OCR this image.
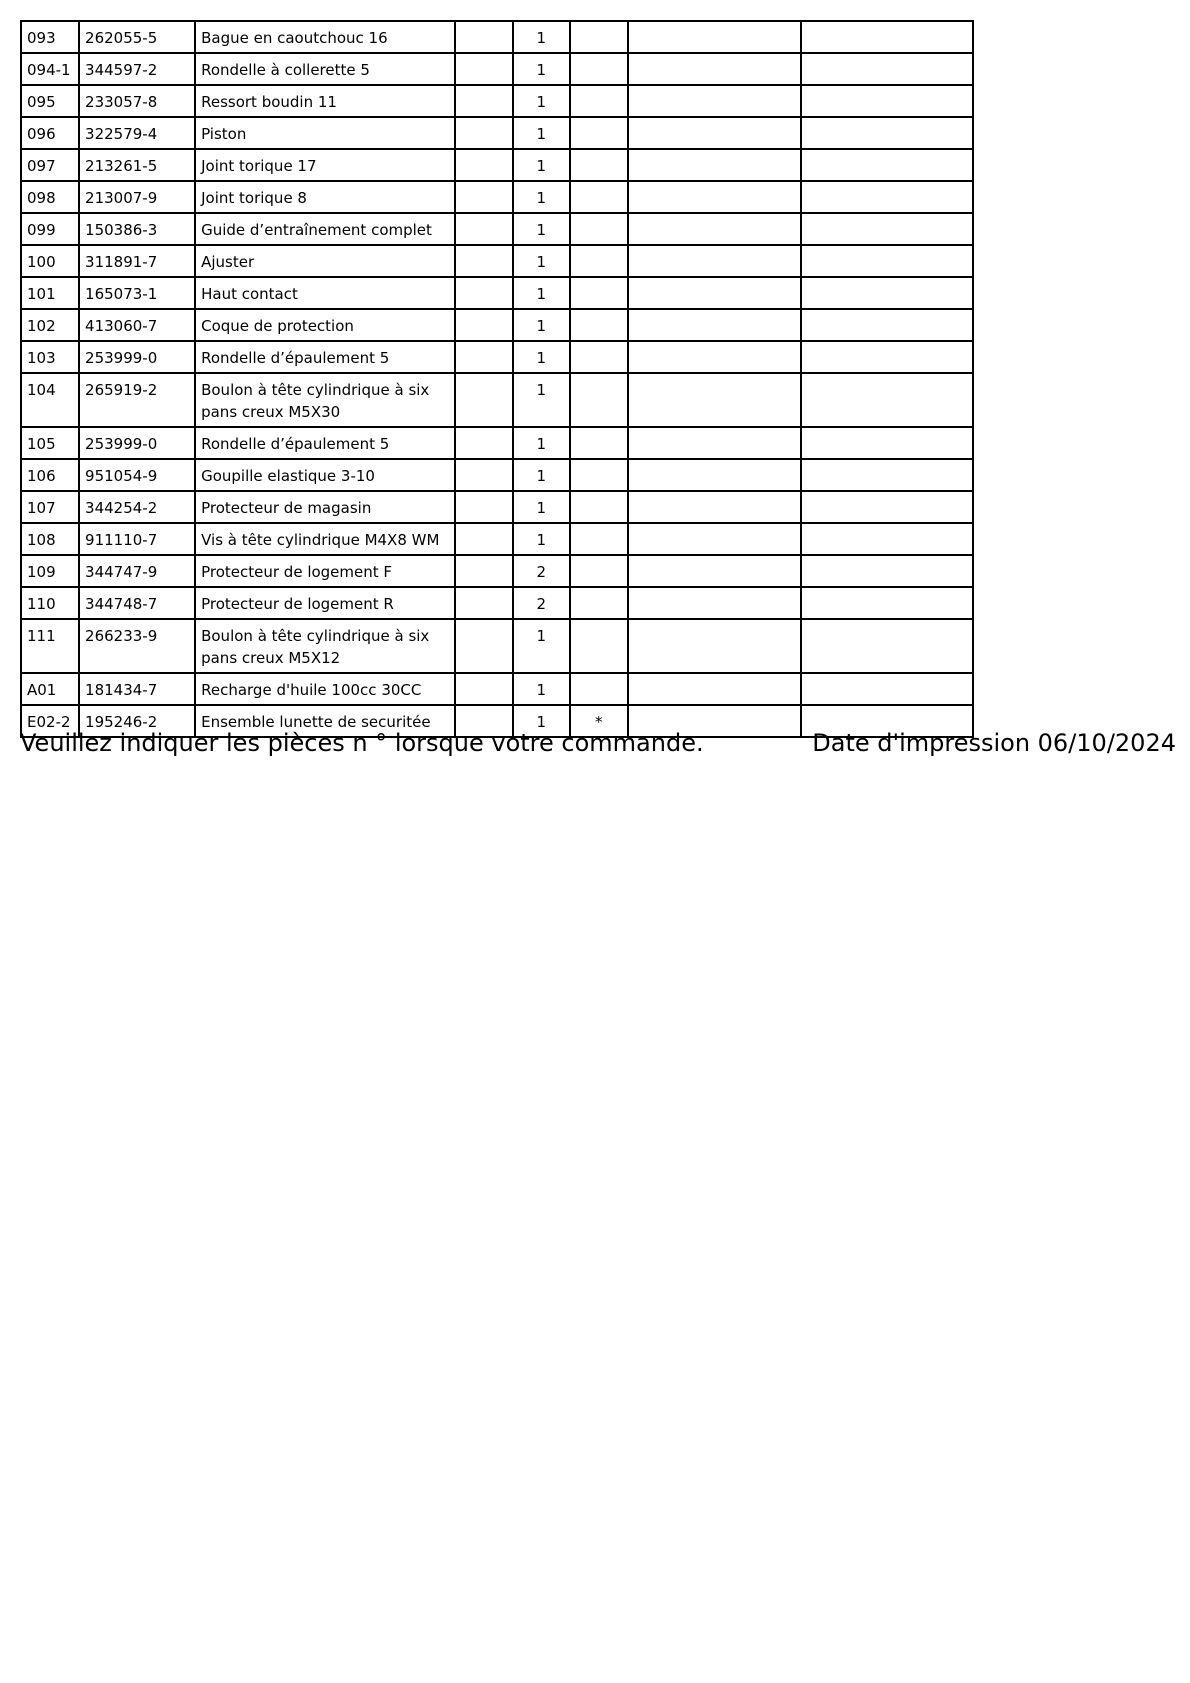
093	262055-5	Bague en caoutchouc 16		1			
094-1	344597-2	Rondelle à collerette 5		1			
095	233057-8	Ressort boudin 11		1			
096	322579-4	Piston		1			
097	213261-5	Joint torique 17		1			
098	213007-9	Joint torique 8		1			
099	150386-3	Guide d’entraînement complet		1			
100	311891-7	Ajuster		1			
101	165073-1	Haut contact		1			
102	413060-7	Coque de protection		1			
103	253999-0	Rondelle d’épaulement 5		1			
104	265919-2	Boulon à tête cylindrique à six pans creux M5X30		1			
105	253999-0	Rondelle d’épaulement 5		1			
106	951054-9	Goupille elastique 3-10		1			
107	344254-2	Protecteur de magasin		1			
108	911110-7	Vis à tête cylindrique M4X8 WM		1			
109	344747-9	Protecteur de logement F		2			
110	344748-7	Protecteur de logement R		2			
111	266233-9	Boulon à tête cylindrique à six pans creux M5X12		1			
A01	181434-7	Recharge d'huile 100cc 30CC		1			
E02-2	195246-2	Ensemble lunette de securitée		1	*		
Veuillez indiquer les pièces n ° lorsque votre commande.	Date d'impression 06/10/2024
